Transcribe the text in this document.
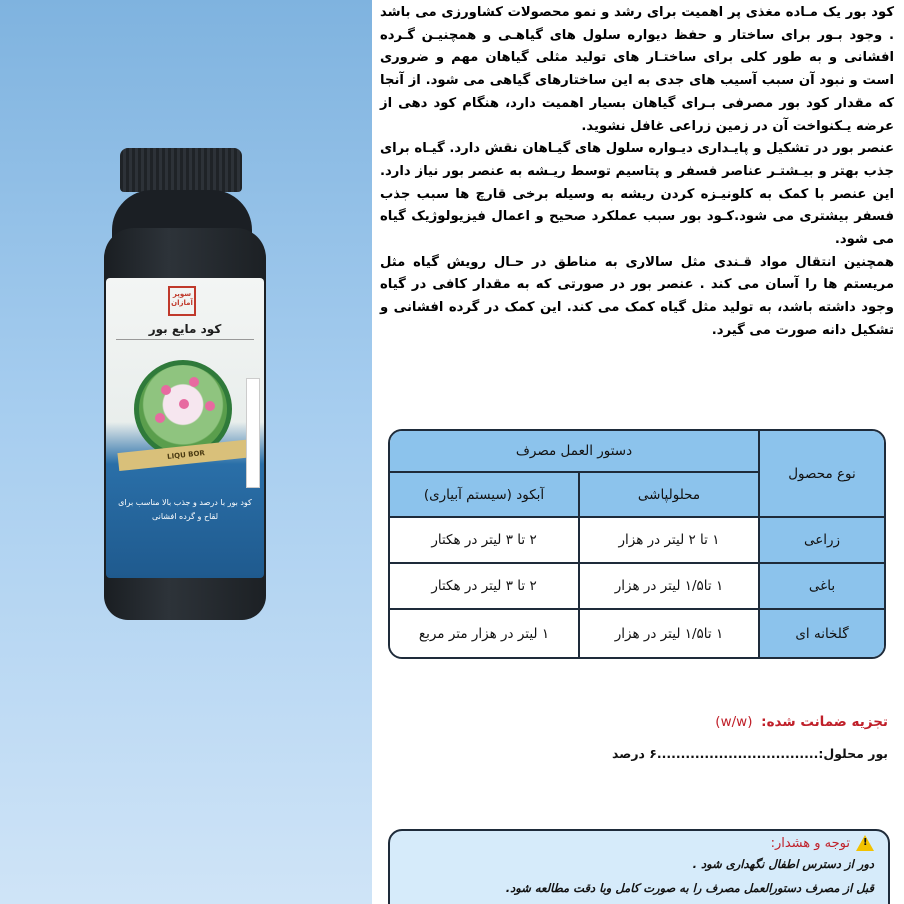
سوپر آمازان
کود مایع بور
LIQU BOR
کود بور با درصد و جذب بالا مناسب برای لقاح و گرده افشانی

کود بور یک مـاده مغذی پر اهمیت برای رشد و نمو محصولات کشاورزی می باشد . وجود بـور برای ساختار و حفظ دیواره سلول های گیاهـی و همچنیـن گـرده افشانی و به طور کلی برای ساختـار های تولید مثلی گیاهان مهم و ضروری است و نبود آن سبب آسیب های جدی به این ساختارهای گیاهی می شود. از آنجا که مقدار کود بور مصرفی بـرای گیاهان بسیار اهمیت دارد، هنگام کود دهی از عرضه یـکنواخت آن در زمین زراعی غافل نشوید.

عنصر بور در تشکیل و پایـداری دیـواره سلول های گیـاهان نقش دارد. گیـاه برای جذب بهتر و بیـشتـر عناصر فسفر و پتاسیم توسط ریـشه به عنصر بور نیاز دارد. این عنصر با کمک به کلونیـزه کردن ریشه به وسیله برخی قارچ ها سبب جذب فسفر بیشتری می شود.کـود بور سبب عملکرد صحیح و اعمال فیزیولوژیک گیاه می شود.

همچنین انتقال مواد قـندی مثل سالاری به مناطق در حـال رویش گیاه مثل مریستم ها را آسان می کند . عنصر بور در صورتی که به مقدار کافی در گیاه وجود داشته باشد، به تولید مثل گیاه کمک می کند. این کمک در گرده افشانی و تشکیل دانه صورت می گیرد.

نوع محصول
دستور العمل مصرف
محلولپاشی
آبکود (سیستم آبیاری)
زراعی
۱ تا ۲ لیتر در هزار
۲ تا ۳ لیتر در هکتار
باغی
۱ تا۱/۵ لیتر در هزار
۲ تا ۳ لیتر در هکتار
گلخانه ای
۱ تا۱/۵ لیتر در هزار
۱ لیتر در هزار متر مربع
تجزیه ضمانت شده: (w/w)
بور محلول:..................................۶ درصد
!
توجه و هشدار:
دور از دسترس اطفال نگهداری شود .
قبل از مصرف دستورالعمل مصرف را به صورت کامل وبا دقت مطالعه شود.
